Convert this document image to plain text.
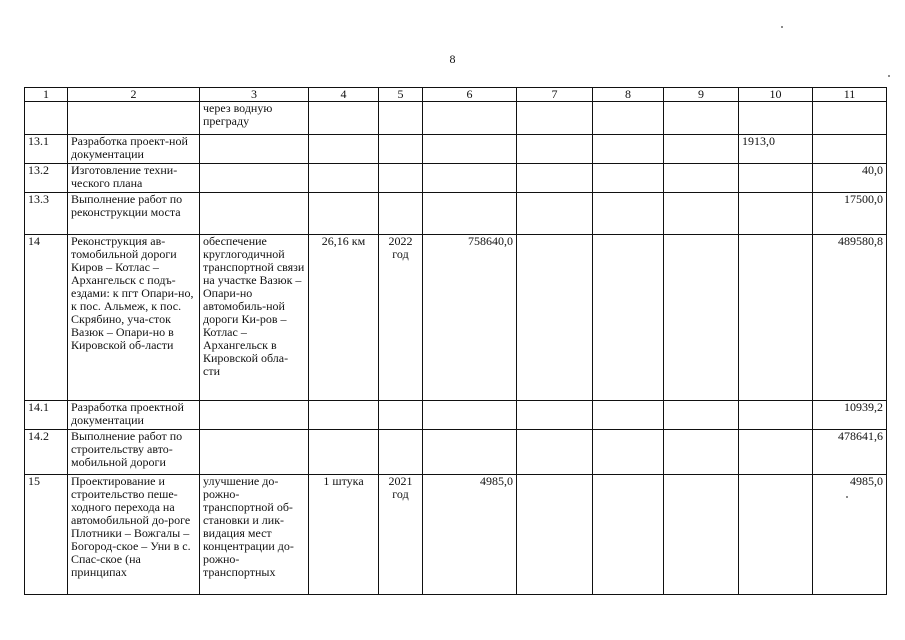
8
1	2	3	4	5	6	7	8	9	10	11
		через водную преграду								
13.1	Разработка проект-ной документации								1913,0	
13.2	Изготовление техни-ческого плана									40,0
13.3	Выполнение работ по реконструкции моста									17500,0
14	Реконструкция ав-томобильной дороги Киров – Котлас – Архангельск с подъ-ездами: к пгт Опари-но, к пос. Альмеж, к пос. Скрябино, уча-сток Вазюк – Опари-но в Кировской об-ласти	обеспечение круглогодичной транспортной связи на участке Вазюк – Опари-но автомобиль-ной дороги Ки-ров – Котлас – Архангельск в Кировской обла-сти	26,16 км	2022 год	758640,0					489580,8
14.1	Разработка проектной документации									10939,2
14.2	Выполнение работ по строительству авто-мобильной дороги									478641,6
15	Проектирование и строительство пеше-ходного перехода на автомобильной до-роге Плотники – Вожгалы – Богород-ское – Уни в с. Спас-ское (на принципах	улучшение до-рожно-транспортной об-становки и лик-видация мест концентрации до-рожно-транспортных	1 штука	2021 год	4985,0					4985,0
